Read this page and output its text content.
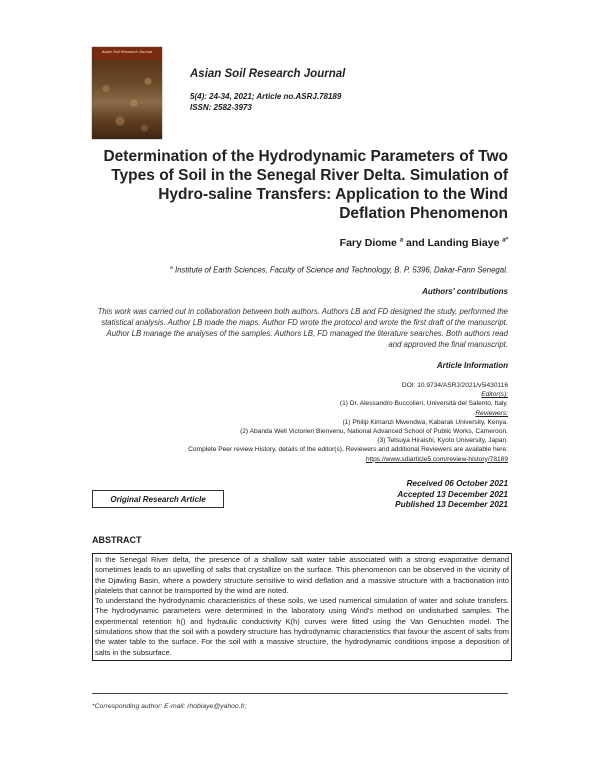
Asian Soil Research Journal
Asian Soil Research Journal
5(4): 24-34, 2021; Article no.ASRJ.78189
ISSN: 2582-3973
Determination of the Hydrodynamic Parameters of Two Types of Soil in the Senegal River Delta. Simulation of Hydro-saline Transfers: Application to the Wind Deflation Phenomenon
Fary Diome $^a$ and Landing Biaye $^{a*}$
$^a$ Institute of Earth Sciences, Faculty of Science and Technology, B. P. 5396, Dakar-Fann Senegal.
Authors' contributions
This work was carried out in collaboration between both authors. Authors LB and FD designed the study, performed the statistical analysis. Author LB made the maps. Author FD wrote the protocol and wrote the first draft of the manuscript. Author LB manage the analyses of the samples. Authors LB, FD managed the literature searches. Both authors read and approved the final manuscript.
Article Information
DOI: 10.9734/ASRJ/2021/v5i430116
Editor(s):
(1) Dr. Alessandro Buccolieri, Università del Salento, Italy.
Reviewers:
(1) Philip Kimanzi Mwendwa, Kabarak University, Kenya.
(2) Abanda Well Victorien Bienvenu, National Advanced School of Public Works, Cameroon.
(3) Tetsuya Hiraishi, Kyoto University, Japan.
Complete Peer review History, details of the editor(s), Reviewers and additional Reviewers are available here:
https://www.sdiarticle5.com/review-history/78189
Original Research Article
Received 06 October 2021
Accepted 13 December 2021
Published 13 December 2021
ABSTRACT

In the Senegal River delta, the presence of a shallow salt water table associated with a strong evaporative demand sometimes leads to an upwelling of salts that crystallize on the surface. This phenomenon can be observed in the vicinity of the Djawling Basin, where a powdery structure sensitive to wind deflation and a massive structure with a fractionation into platelets that cannot be transported by the wind are noted.

To understand the hydrodynamic characteristics of these soils, we used numerical simulation of water and solute transfers. The hydrodynamic parameters were determined in the laboratory using Wind's method on undisturbed samples. The experimental retention h() and hydraulic conductivity K(h) curves were fitted using the Van Genuchten model. The simulations show that the soil with a powdery structure has hydrodynamic characteristics that favour the ascent of salts from the water table to the surface. For the soil with a massive structure, the hydrodynamic conditions impose a deposition of salts in the subsurface.

*Corresponding author: E-mail: rhobiaye@yahoo.fr;
